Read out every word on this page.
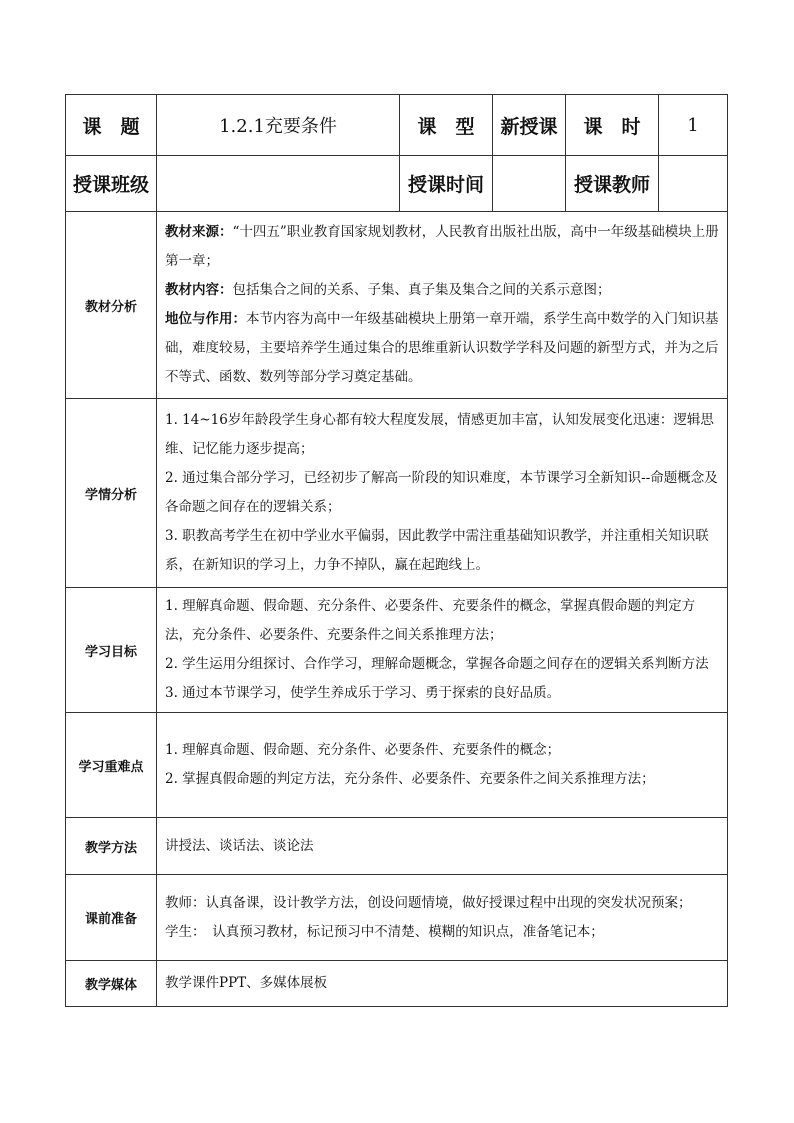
课　题	1.2.1充要条件	课　型	新授课	课　时	1
授课班级		授课时间		授课教师	
教材分析	教材来源：“十四五”职业教育国家规划教材，人民教育出版社出版，高中一年级基础模块上册第一章；

教材内容：包括集合之间的关系、子集、真子集及集合之间的关系示意图；

地位与作用：本节内容为高中一年级基础模块上册第一章开端，系学生高中数学的入门知识基础，难度较易，主要培养学生通过集合的思维重新认识数学学科及问题的新型方式，并为之后不等式、函数、数列等部分学习奠定基础。				

学情分析	1. 14~16岁年龄段学生身心都有较大程度发展，情感更加丰富，认知发展变化迅速：逻辑思维、记忆能力逐步提高；

2. 通过集合部分学习，已经初步了解高一阶段的知识难度，本节课学习全新知识--命题概念及各命题之间存在的逻辑关系；

3. 职教高考学生在初中学业水平偏弱，因此教学中需注重基础知识教学，并注重相关知识联系，在新知识的学习上，力争不掉队，赢在起跑线上。				

学习目标	1. 理解真命题、假命题、充分条件、必要条件、充要条件的概念，掌握真假命题的判定方法，充分条件、必要条件、充要条件之间关系推理方法；

2. 学生运用分组探讨、合作学习，理解命题概念，掌握各命题之间存在的逻辑关系判断方法

3. 通过本节课学习，使学生养成乐于学习、勇于探索的良好品质。				

学习重难点	1. 理解真命题、假命题、充分条件、必要条件、充要条件的概念；

2. 掌握真假命题的判定方法，充分条件、必要条件、充要条件之间关系推理方法；				

教学方法	讲授法、谈话法、谈论法				
课前准备	教师：认真备课，设计教学方法，创设问题情境，做好授课过程中出现的突发状况预案；

学生：　认真预习教材，标记预习中不清楚、模糊的知识点，准备笔记本；				

教学媒体	教学课件PPT、多媒体展板				
